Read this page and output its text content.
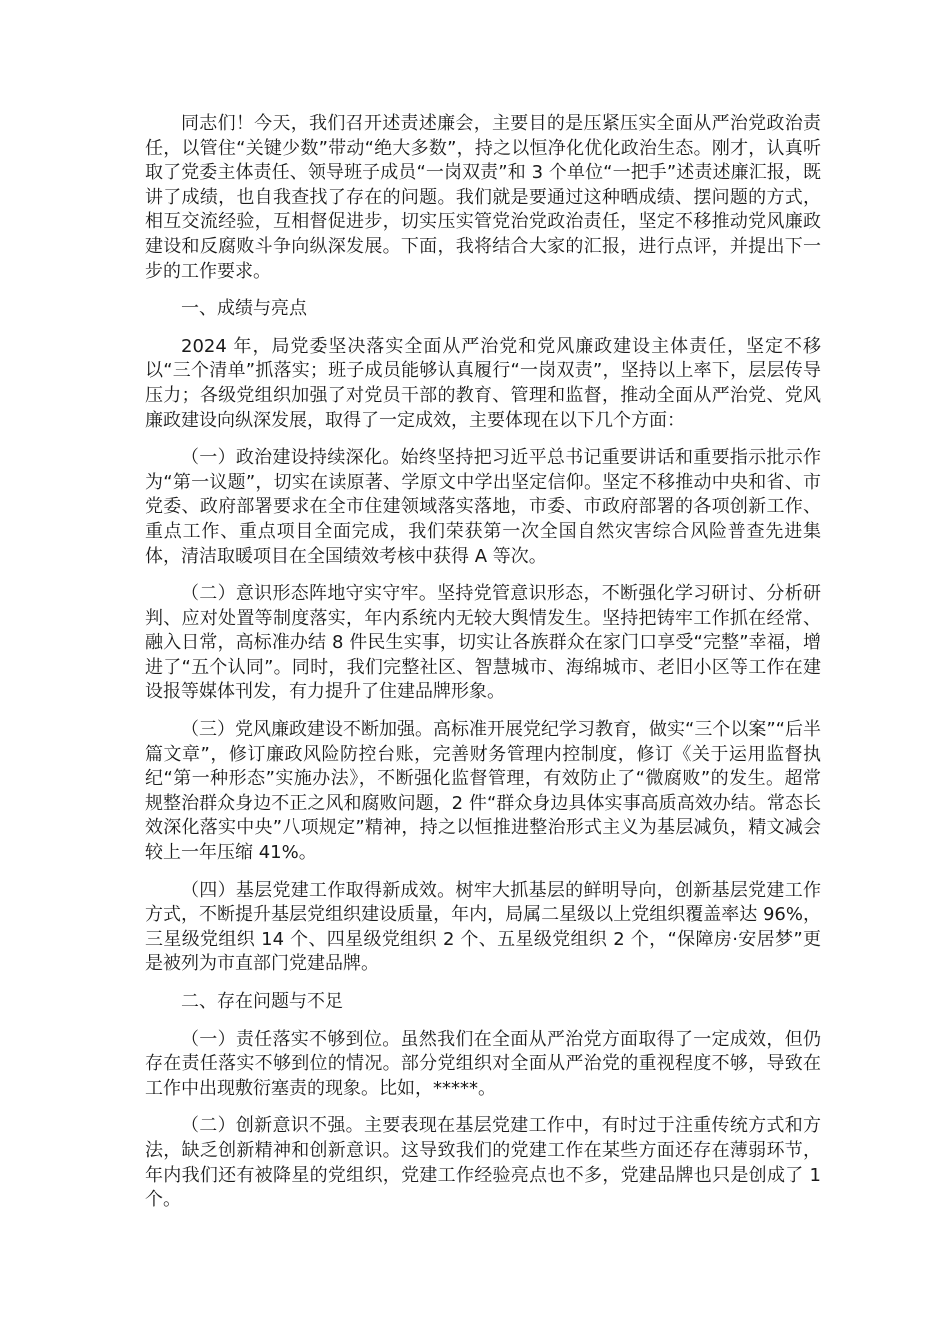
同志们！今天，我们召开述责述廉会，主要目的是压紧压实全面从严治党政治责任，以管住“关键少数”带动“绝大多数”，持之以恒净化优化政治生态。刚才，认真听取了党委主体责任、领导班子成员“一岗双责”和 3 个单位“一把手”述责述廉汇报，既讲了成绩，也自我查找了存在的问题。我们就是要通过这种晒成绩、摆问题的方式，相互交流经验，互相督促进步，切实压实管党治党政治责任，坚定不移推动党风廉政建设和反腐败斗争向纵深发展。下面，我将结合大家的汇报，进行点评，并提出下一步的工作要求。

一、成绩与亮点

2024 年，局党委坚决落实全面从严治党和党风廉政建设主体责任，坚定不移以“三个清单”抓落实；班子成员能够认真履行“一岗双责”，坚持以上率下，层层传导压力；各级党组织加强了对党员干部的教育、管理和监督，推动全面从严治党、党风廉政建设向纵深发展，取得了一定成效，主要体现在以下几个方面：

（一）政治建设持续深化。始终坚持把习近平总书记重要讲话和重要指示批示作为“第一议题”，切实在读原著、学原文中学出坚定信仰。坚定不移推动中央和省、市党委、政府部署要求在全市住建领域落实落地，市委、市政府部署的各项创新工作、重点工作、重点项目全面完成，我们荣获第一次全国自然灾害综合风险普查先进集体，清洁取暖项目在全国绩效考核中获得 A 等次。

（二）意识形态阵地守实守牢。坚持党管意识形态，不断强化学习研讨、分析研判、应对处置等制度落实，年内系统内无较大舆情发生。坚持把铸牢工作抓在经常、融入日常，高标准办结 8 件民生实事，切实让各族群众在家门口享受“完整”幸福，增进了“五个认同”。同时，我们完整社区、智慧城市、海绵城市、老旧小区等工作在建设报等媒体刊发，有力提升了住建品牌形象。

（三）党风廉政建设不断加强。高标准开展党纪学习教育，做实“三个以案”“后半篇文章”，修订廉政风险防控台账，完善财务管理内控制度，修订《关于运用监督执纪“第一种形态”实施办法》，不断强化监督管理，有效防止了“微腐败”的发生。超常规整治群众身边不正之风和腐败问题，2 件“群众身边具体实事高质高效办结。常态长效深化落实中央”八项规定”精神，持之以恒推进整治形式主义为基层减负，精文减会较上一年压缩 41%。

（四）基层党建工作取得新成效。树牢大抓基层的鲜明导向，创新基层党建工作方式，不断提升基层党组织建设质量，年内，局属二星级以上党组织覆盖率达 96%，三星级党组织 14 个、四星级党组织 2 个、五星级党组织 2 个，“保障房·安居梦”更是被列为市直部门党建品牌。

二、存在问题与不足

（一）责任落实不够到位。虽然我们在全面从严治党方面取得了一定成效，但仍存在责任落实不够到位的情况。部分党组织对全面从严治党的重视程度不够，导致在工作中出现敷衍塞责的现象。比如，*****。

（二）创新意识不强。主要表现在基层党建工作中，有时过于注重传统方式和方法，缺乏创新精神和创新意识。这导致我们的党建工作在某些方面还存在薄弱环节，年内我们还有被降星的党组织，党建工作经验亮点也不多，党建品牌也只是创成了 1 个。
